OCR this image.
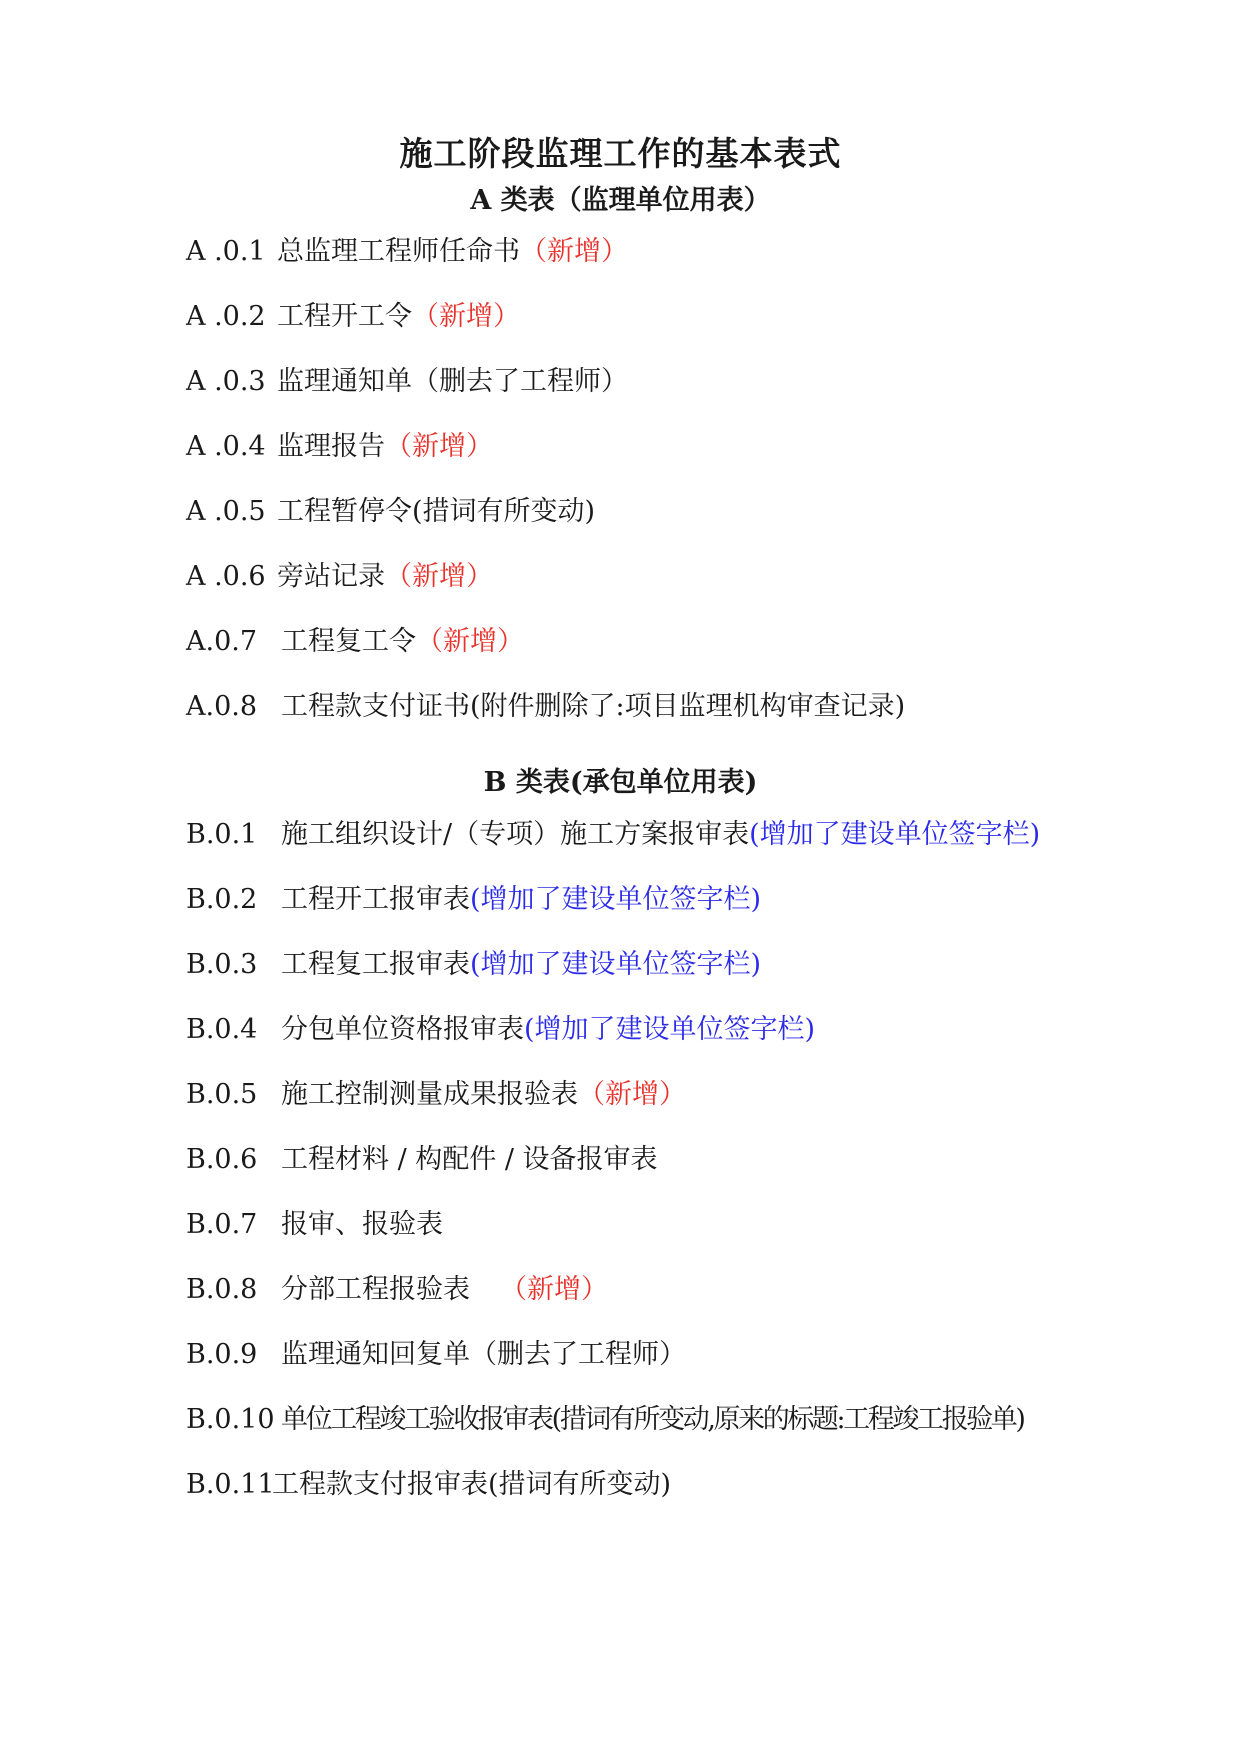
施工阶段监理工作的基本表式
A 类表（监理单位用表）
A .0.1 总监理工程师任命书（新增）
A .0.2 工程开工令（新增）
A .0.3 监理通知单（删去了工程师）
A .0.4 监理报告（新增）
A .0.5 工程暂停令(措词有所变动)
A .0.6 旁站记录（新增）
A.0.7 工程复工令（新增）
A.0.8 工程款支付证书(附件删除了:项目监理机构审查记录)
B 类表(承包单位用表)
B.0.1 施工组织设计/（专项）施工方案报审表(增加了建设单位签字栏)
B.0.2 工程开工报审表(增加了建设单位签字栏)
B.0.3 工程复工报审表(增加了建设单位签字栏)
B.0.4 分包单位资格报审表(增加了建设单位签字栏)
B.0.5 施工控制测量成果报验表（新增）
B.0.6 工程材料 / 构配件 / 设备报审表
B.0.7 报审、报验表
B.0.8 分部工程报验表 （新增）
B.0.9 监理通知回复单（删去了工程师）
B.0.10 单位工程竣工验收报审表(措词有所变动,原来的标题:工程竣工报验单)
B.0.11工程款支付报审表(措词有所变动)
